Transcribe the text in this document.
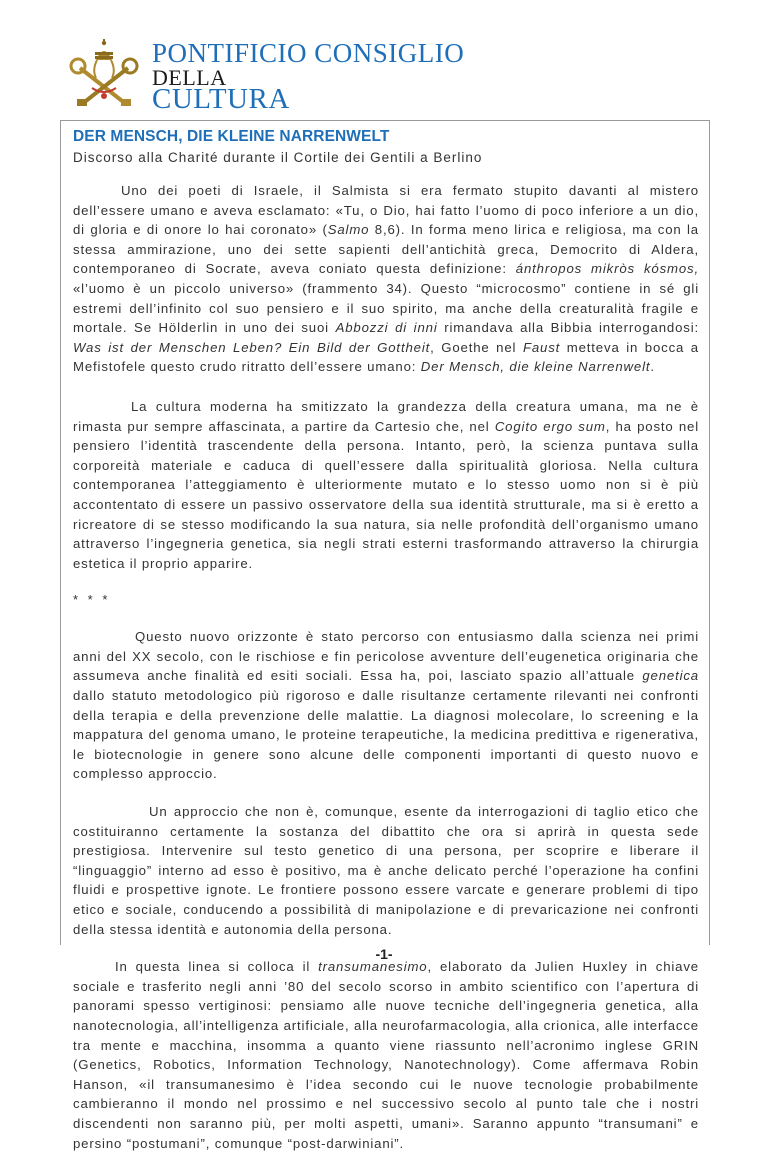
PONTIFICIO CONSIGLIO
DELLA
CULTURA
DER MENSCH, DIE KLEINE NARRENWELT

Discorso alla Charité durante il Cortile dei Gentili a Berlino

Uno dei poeti di Israele, il Salmista si era fermato stupito davanti al mistero dell’essere umano e aveva esclamato: «Tu, o Dio, hai fatto l’uomo di poco inferiore a un dio, di gloria e di onore lo hai coronato» (Salmo 8,6). In forma meno lirica e religiosa, ma con la stessa ammirazione, uno dei sette sapienti dell’antichità greca, Democrito di Aldera, contemporaneo di Socrate, aveva coniato questa definizione: ánthropos mikròs kósmos, «l’uomo è un piccolo universo» (frammento 34). Questo “microcosmo” contiene in sé gli estremi dell’infinito col suo pensiero e il suo spirito, ma anche della creaturalità fragile e mortale. Se Hölderlin in uno dei suoi Abbozzi di inni rimandava alla Bibbia interrogandosi: Was ist der Menschen Leben? Ein Bild der Gottheit, Goethe nel Faust metteva in bocca a Mefistofele questo crudo ritratto dell’essere umano: Der Mensch, die kleine Narrenwelt.

La cultura moderna ha smitizzato la grandezza della creatura umana, ma ne è rimasta pur sempre affascinata, a partire da Cartesio che, nel Cogito ergo sum, ha posto nel pensiero l’identità trascendente della persona. Intanto, però, la scienza puntava sulla corporeità materiale e caduca di quell’essere dalla spiritualità gloriosa. Nella cultura contemporanea l’atteggiamento è ulteriormente mutato e lo stesso uomo non si è più accontentato di essere un passivo osservatore della sua identità strutturale, ma si è eretto a ricreatore di se stesso modificando la sua natura, sia nelle profondità dell’organismo umano attraverso l’ingegneria genetica, sia negli strati esterni trasformando attraverso la chirurgia estetica il proprio apparire.

* * *

Questo nuovo orizzonte è stato percorso con entusiasmo dalla scienza nei primi anni del XX secolo, con le rischiose e fin pericolose avventure dell’eugenetica originaria che assumeva anche finalità ed esiti sociali. Essa ha, poi, lasciato spazio all’attuale genetica dallo statuto metodologico più rigoroso e dalle risultanze certamente rilevanti nei confronti della terapia e della prevenzione delle malattie. La diagnosi molecolare, lo screening e la mappatura del genoma umano, le proteine terapeutiche, la medicina predittiva e rigenerativa, le biotecnologie in genere sono alcune delle componenti importanti di questo nuovo e complesso approccio.

Un approccio che non è, comunque, esente da interrogazioni di taglio etico che costituiranno certamente la sostanza del dibattito che ora si aprirà in questa sede prestigiosa. Intervenire sul testo genetico di una persona, per scoprire e liberare il “linguaggio” interno ad esso è positivo, ma è anche delicato perché l’operazione ha confini fluidi e prospettive ignote. Le frontiere possono essere varcate e generare problemi di tipo etico e sociale, conducendo a possibilità di manipolazione e di prevaricazione nei confronti della stessa identità e autonomia della persona.

In questa linea si colloca il transumanesimo, elaborato da Julien Huxley in chiave sociale e trasferito negli anni ’80 del secolo scorso in ambito scientifico con l’apertura di panorami spesso vertiginosi: pensiamo alle nuove tecniche dell’ingegneria genetica, alla nanotecnologia, all’intelligenza artificiale, alla neurofarmacologia, alla crionica, alle interfacce tra mente e macchina, insomma a quanto viene riassunto nell’acronimo inglese GRIN (Genetics, Robotics, Information Technology, Nanotechnology). Come affermava Robin Hanson, «il transumanesimo è l’idea secondo cui le nuove tecnologie probabilmente cambieranno il mondo nel prossimo e nel successivo secolo al punto tale che i nostri discendenti non saranno più, per molti aspetti, umani». Saranno appunto “transumani” e persino “postumani”, comunque “post-darwiniani”.

-1-
